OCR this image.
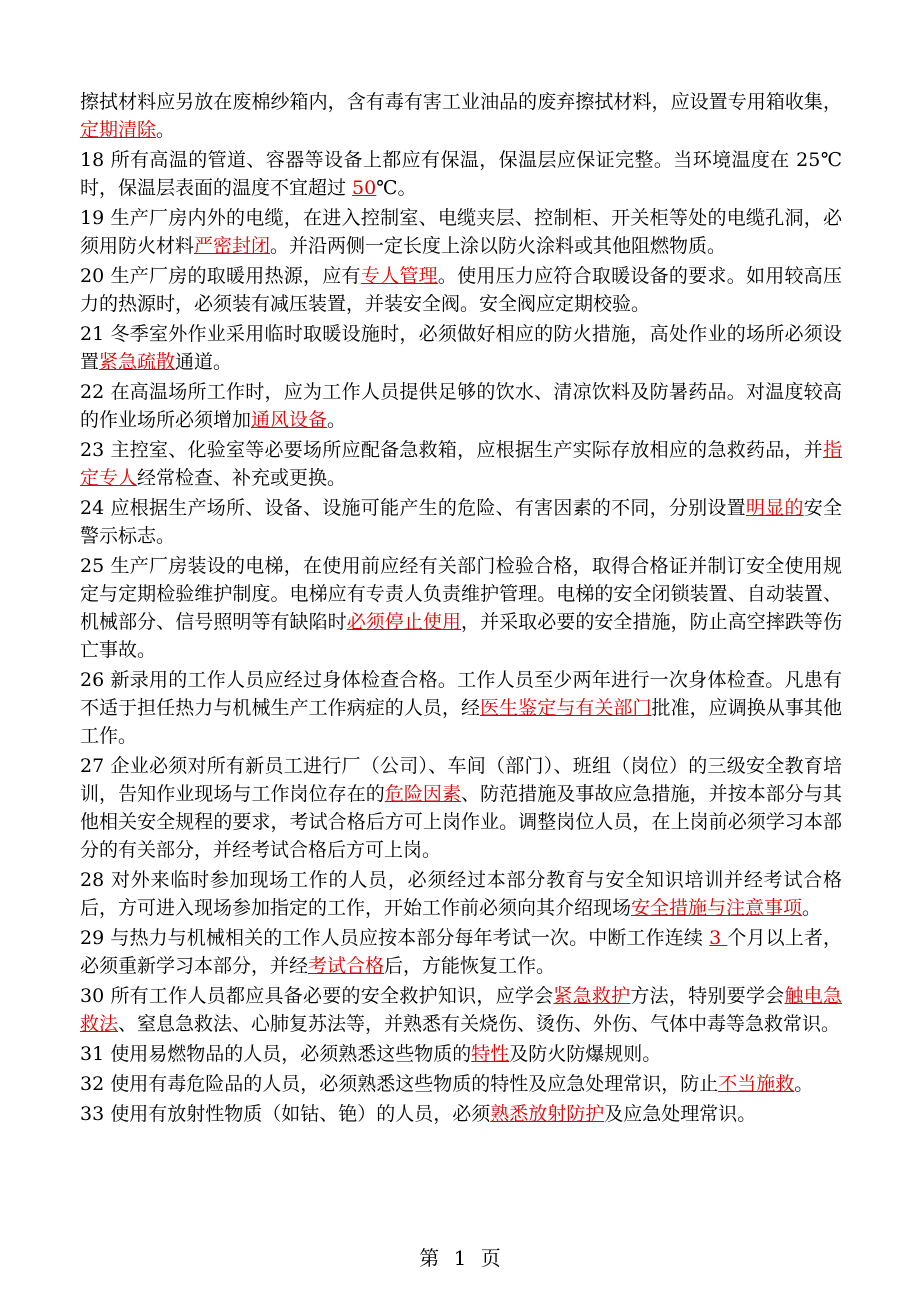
擦拭材料应另放在废棉纱箱内，含有毒有害工业油品的废弃擦拭材料，应设置专用箱收集，定期清除。

18 所有高温的管道、容器等设备上都应有保温，保温层应保证完整。当环境温度在 25℃时，保温层表面的温度不宜超过 50℃。

19 生产厂房内外的电缆，在进入控制室、电缆夹层、控制柜、开关柜等处的电缆孔洞，必须用防火材料严密封闭。并沿两侧一定长度上涂以防火涂料或其他阻燃物质。

20 生产厂房的取暖用热源，应有专人管理。使用压力应符合取暖设备的要求。如用较高压力的热源时，必须装有减压装置，并装安全阀。安全阀应定期校验。

21 冬季室外作业采用临时取暖设施时，必须做好相应的防火措施，高处作业的场所必须设置紧急疏散通道。

22 在高温场所工作时，应为工作人员提供足够的饮水、清凉饮料及防暑药品。对温度较高的作业场所必须增加通风设备。

23 主控室、化验室等必要场所应配备急救箱，应根据生产实际存放相应的急救药品，并指定专人经常检查、补充或更换。

24 应根据生产场所、设备、设施可能产生的危险、有害因素的不同，分别设置明显的安全警示标志。

25 生产厂房装设的电梯，在使用前应经有关部门检验合格，取得合格证并制订安全使用规定与定期检验维护制度。电梯应有专责人负责维护管理。电梯的安全闭锁装置、自动装置、机械部分、信号照明等有缺陷时必须停止使用，并采取必要的安全措施，防止高空摔跌等伤亡事故。

26 新录用的工作人员应经过身体检查合格。工作人员至少两年进行一次身体检查。凡患有不适于担任热力与机械生产工作病症的人员，经医生鉴定与有关部门批准，应调换从事其他工作。

27 企业必须对所有新员工进行厂（公司）、车间（部门）、班组（岗位）的三级安全教育培训，告知作业现场与工作岗位存在的危险因素、防范措施及事故应急措施，并按本部分与其他相关安全规程的要求，考试合格后方可上岗作业。调整岗位人员，在上岗前必须学习本部分的有关部分，并经考试合格后方可上岗。

28 对外来临时参加现场工作的人员，必须经过本部分教育与安全知识培训并经考试合格后，方可进入现场参加指定的工作，开始工作前必须向其介绍现场安全措施与注意事项。

29 与热力与机械相关的工作人员应按本部分每年考试一次。中断工作连续 3 个月以上者，必须重新学习本部分，并经考试合格后，方能恢复工作。

30 所有工作人员都应具备必要的安全救护知识，应学会紧急救护方法，特别要学会触电急救法、窒息急救法、心肺复苏法等，并熟悉有关烧伤、烫伤、外伤、气体中毒等急救常识。

31 使用易燃物品的人员，必须熟悉这些物质的特性及防火防爆规则。

32 使用有毒危险品的人员，必须熟悉这些物质的特性及应急处理常识，防止不当施救。

33 使用有放射性物质（如钴、铯）的人员，必须熟悉放射防护及应急处理常识。

第 1 页
